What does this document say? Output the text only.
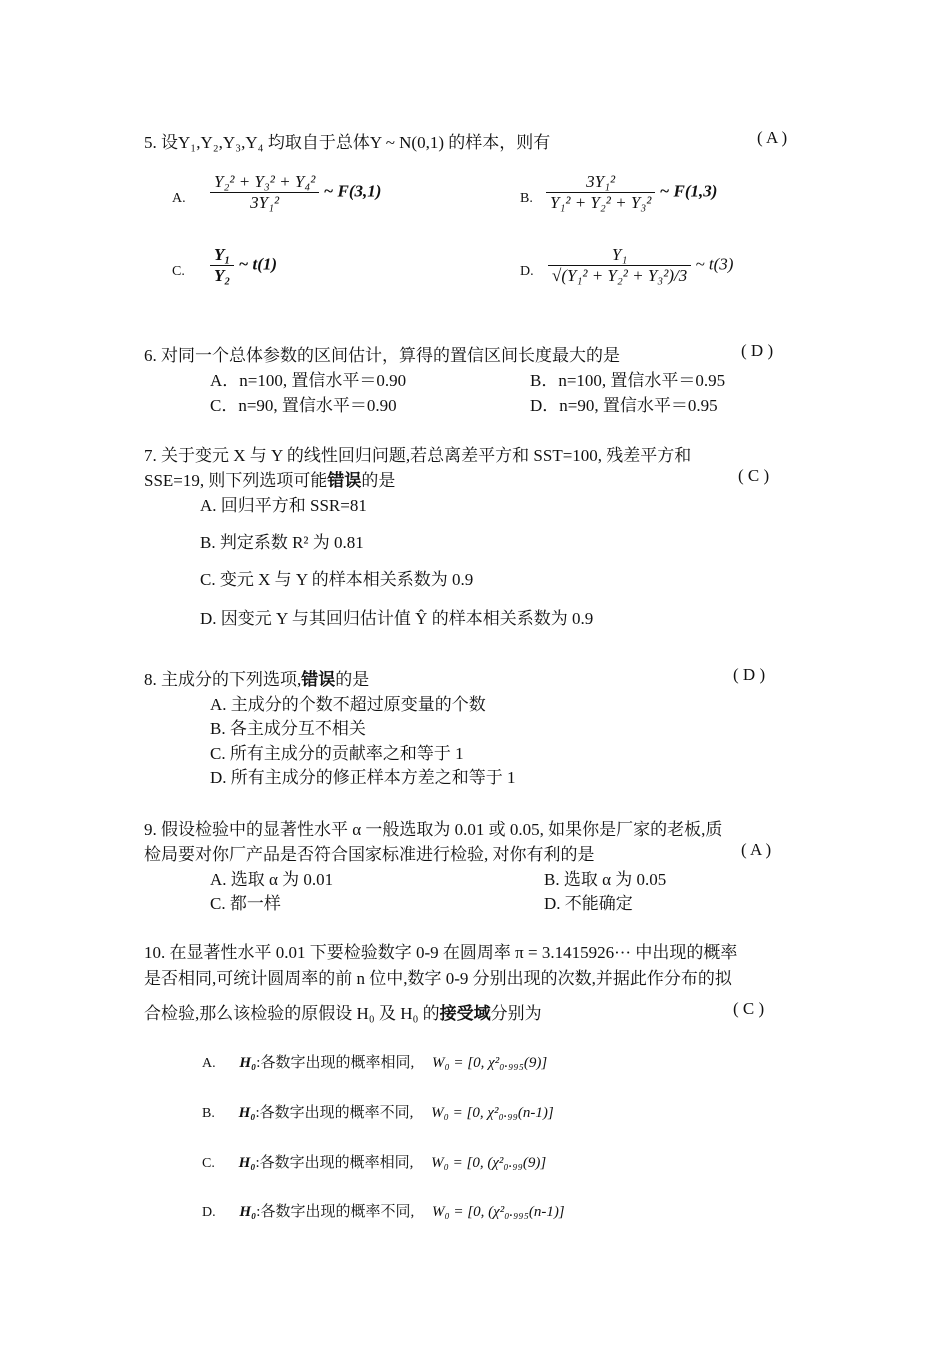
5. 设Y₁,Y₂,Y₃,Y₄ 均取自于总体Y ~ N(0,1) 的样本，则有	( A )
A. $\frac{\text{Y₂² + Y₃² + Y₄²}}{\text{3Y₁²}}$ ~ F(3,1)	B. $\frac{\text{3Y₁²}}{\text{Y₁² + Y₂² + Y₃²}}$ ~ F(1,3)
C. $\frac{\text{Y₁}}{\text{Y₂}}$ ~ t(1)	D. $\frac{\text{Y₁}}{\text{√(Y₁² + Y₂² + Y₃²)/3}}$ ~ t(3)
6. 对同一个总体参数的区间估计，算得的置信区间长度最大的是	( D )
A．n=100, 置信水平＝0.90	B．n=100, 置信水平＝0.95
C．n=90, 置信水平＝0.90	D．n=90, 置信水平＝0.95
7. 关于变元 X 与 Y 的线性回归问题,若总离差平方和 SST=100, 残差平方和
SSE=19, 则下列选项可能错误的是	( C )
A. 回归平方和 SSR=81
B. 判定系数 R² 为 0.81
C. 变元 X 与 Y 的样本相关系数为 0.9
D. 因变元 Y 与其回归估计值 Ŷ 的样本相关系数为 0.9
8. 主成分的下列选项,错误的是	( D )
A. 主成分的个数不超过原变量的个数
B. 各主成分互不相关
C. 所有主成分的贡献率之和等于 1
D. 所有主成分的修正样本方差之和等于 1
9. 假设检验中的显著性水平 α 一般选取为 0.01 或 0.05, 如果你是厂家的老板,质
检局要对你厂产品是否符合国家标准进行检验, 对你有利的是	( A )
A. 选取 α 为 0.01	B. 选取 α 为 0.05
C. 都一样	D. 不能确定
10. 在显著性水平 0.01 下要检验数字 0-9 在圆周率 π = 3.1415926··· 中出现的概率
是否相同,可统计圆周率的前 n 位中,数字 0-9 分别出现的次数,并据此作分布的拟
合检验,那么该检验的原假设 H₀ 及 H₀ 的接受域分别为	( C )
A. H₀:各数字出现的概率相同, W₀ = [0, χ²₀.₉₉₅(9)]
B. H₀:各数字出现的概率不同, W₀ = [0, χ²₀.₉₉(n-1)]
C. H₀:各数字出现的概率相同, W₀ = [0, (χ²₀.₉₉(9)]
D. H₀:各数字出现的概率不同, W₀ = [0, (χ²₀.₉₉₅(n-1)]
